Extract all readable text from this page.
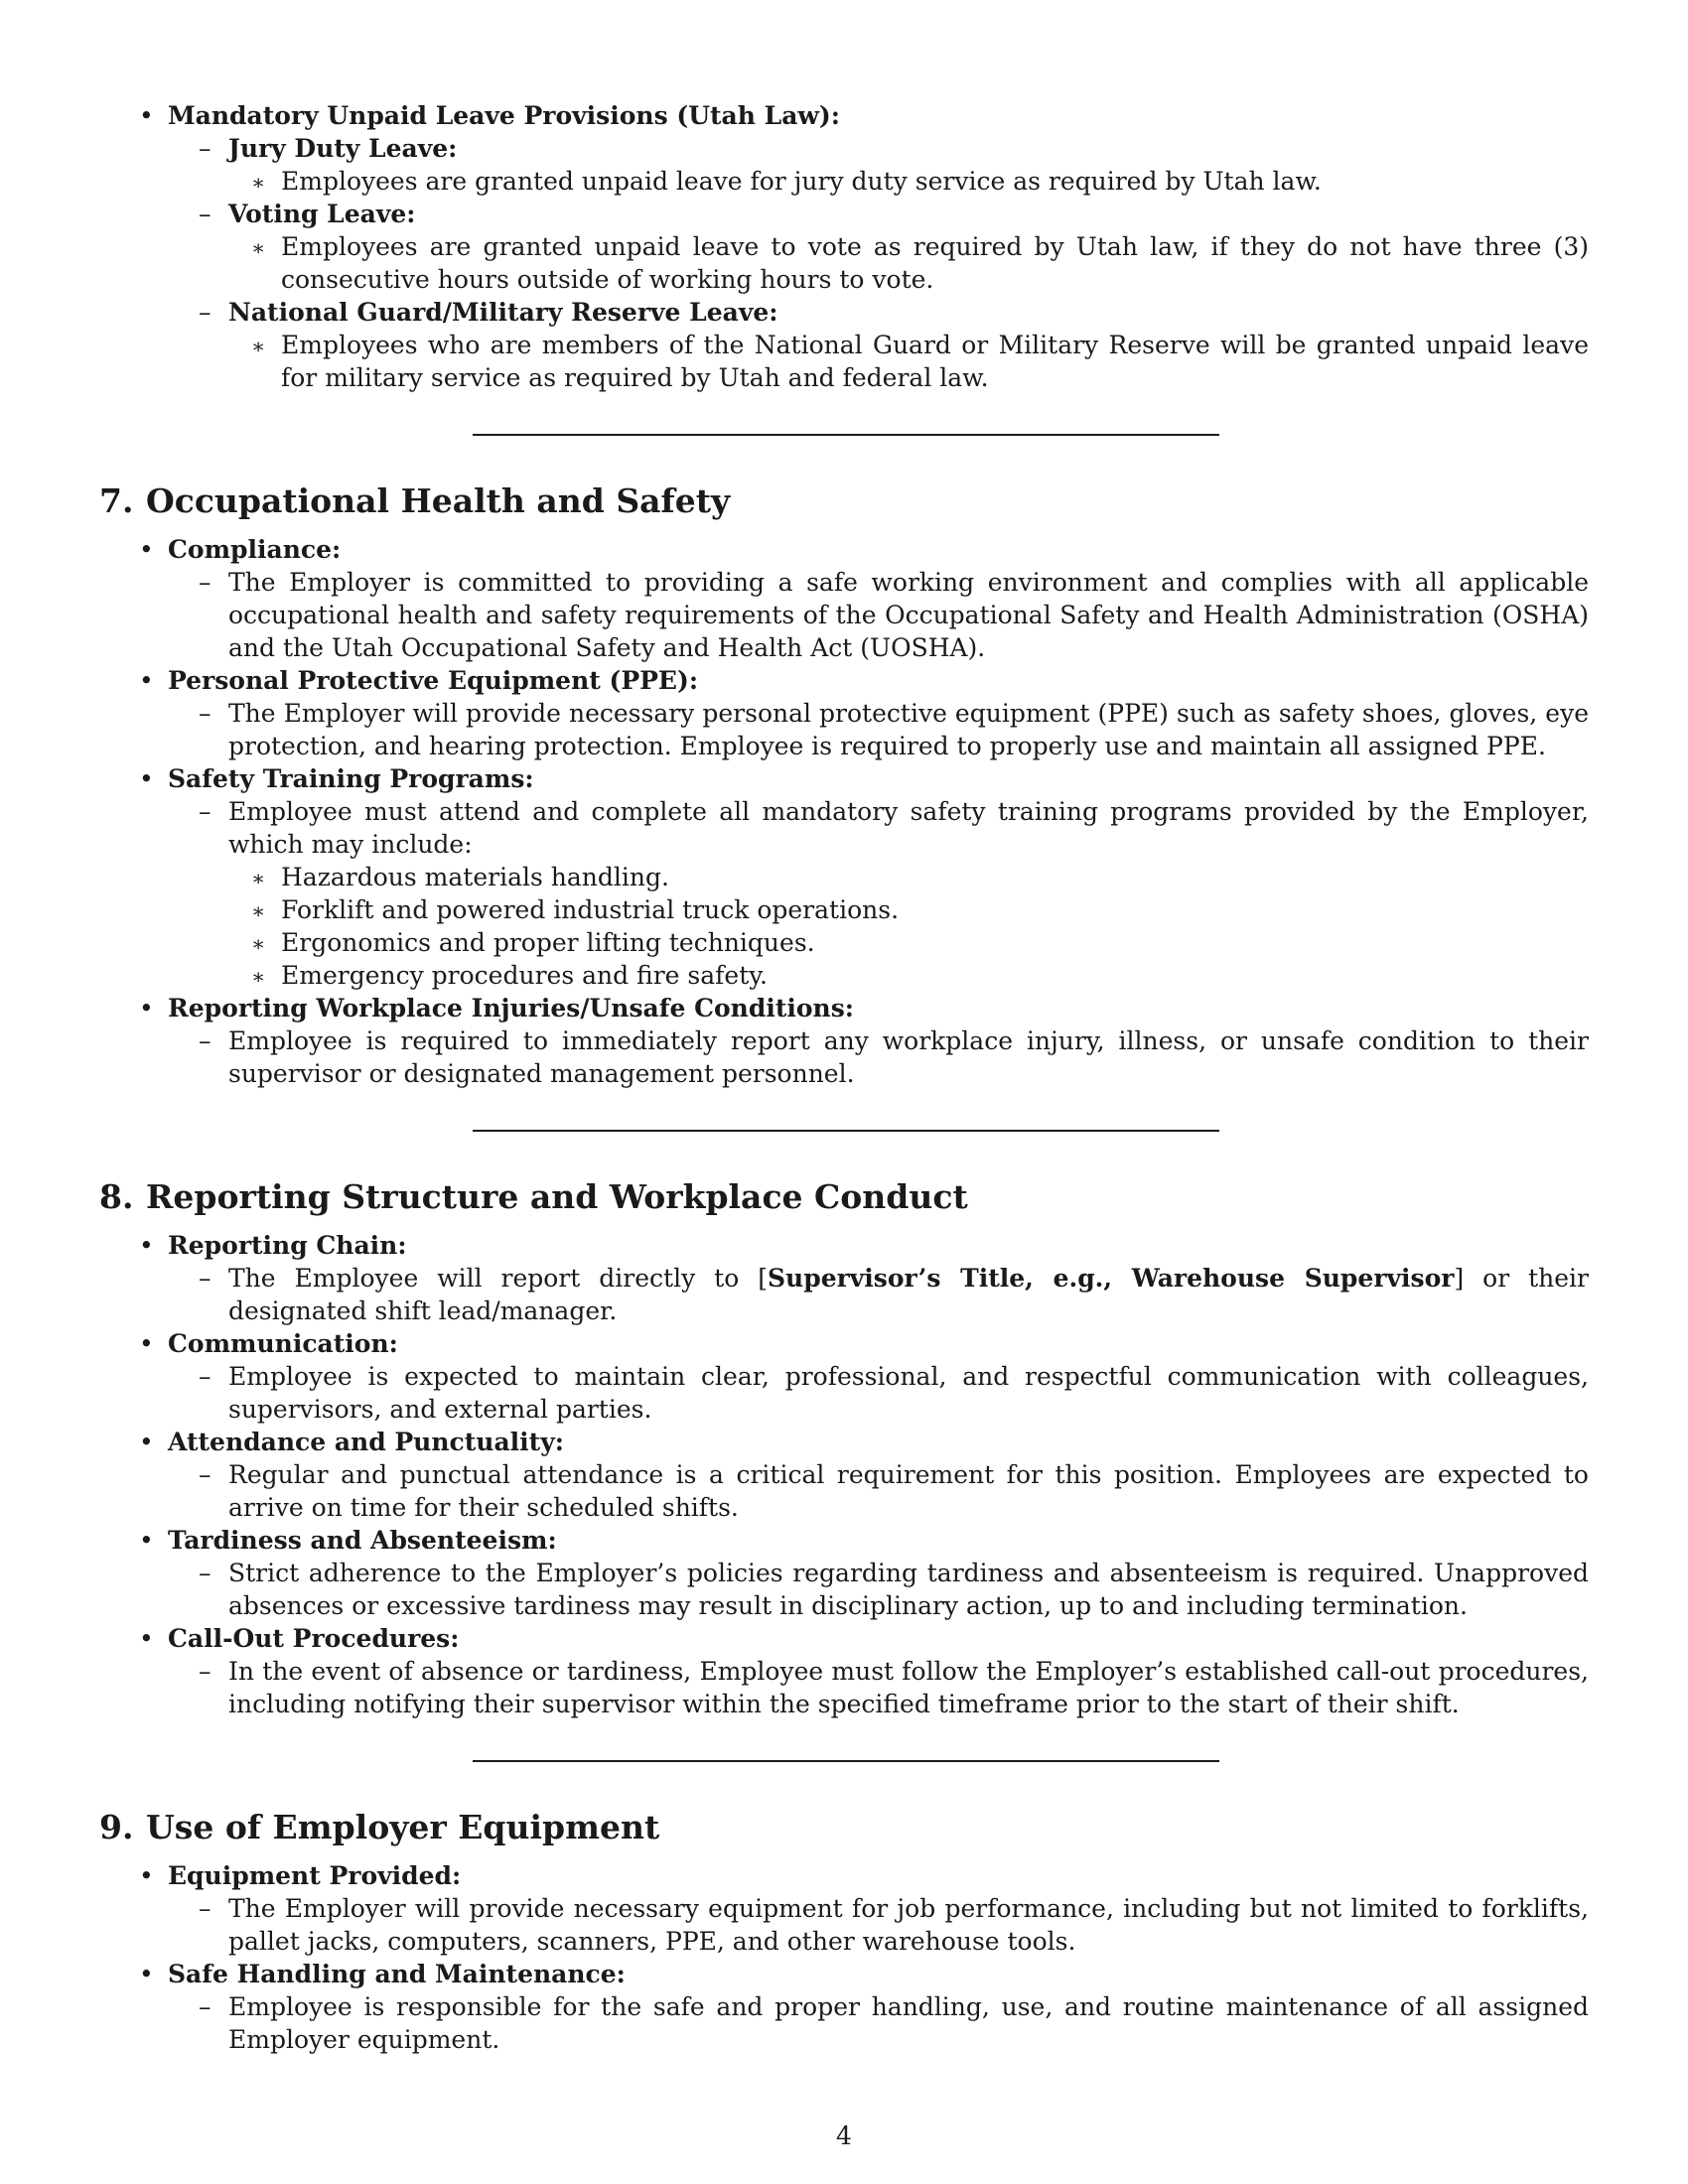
• Mandatory Unpaid Leave Provisions (Utah Law):
– Jury Duty Leave:
∗ Employees are granted unpaid leave for jury duty service as required by Utah law.
– Voting Leave:
∗ Employees are granted unpaid leave to vote as required by Utah law, if they do not have three (3) consecutive hours outside of working hours to vote.
– National Guard/Military Reserve Leave:
∗ Employees who are members of the National Guard or Military Reserve will be granted unpaid leave for military service as required by Utah and federal law.
7. Occupational Health and Safety
• Compliance:
– The Employer is committed to providing a safe working environment and complies with all applicable occupational health and safety requirements of the Occupational Safety and Health Administration (OSHA) and the Utah Occupational Safety and Health Act (UOSHA).
• Personal Protective Equipment (PPE):
– The Employer will provide necessary personal protective equipment (PPE) such as safety shoes, gloves, eye protection, and hearing protection. Employee is required to properly use and maintain all assigned PPE.
• Safety Training Programs:
– Employee must attend and complete all mandatory safety training programs provided by the Employer, which may include:
∗ Hazardous materials handling.
∗ Forklift and powered industrial truck operations.
∗ Ergonomics and proper lifting techniques.
∗ Emergency procedures and fire safety.
• Reporting Workplace Injuries/Unsafe Conditions:
– Employee is required to immediately report any workplace injury, illness, or unsafe condition to their supervisor or designated management personnel.
8. Reporting Structure and Workplace Conduct
• Reporting Chain:
– The Employee will report directly to [Supervisor’s Title, e.g., Warehouse Supervisor] or their designated shift lead/manager.
• Communication:
– Employee is expected to maintain clear, professional, and respectful communication with colleagues, supervisors, and external parties.
• Attendance and Punctuality:
– Regular and punctual attendance is a critical requirement for this position. Employees are expected to arrive on time for their scheduled shifts.
• Tardiness and Absenteeism:
– Strict adherence to the Employer’s policies regarding tardiness and absenteeism is required. Unapproved absences or excessive tardiness may result in disciplinary action, up to and including termination.
• Call-Out Procedures:
– In the event of absence or tardiness, Employee must follow the Employer’s established call-out procedures, including notifying their supervisor within the specified timeframe prior to the start of their shift.
9. Use of Employer Equipment
• Equipment Provided:
– The Employer will provide necessary equipment for job performance, including but not limited to forklifts, pallet jacks, computers, scanners, PPE, and other warehouse tools.
• Safe Handling and Maintenance:
– Employee is responsible for the safe and proper handling, use, and routine maintenance of all assigned Employer equipment.
4
